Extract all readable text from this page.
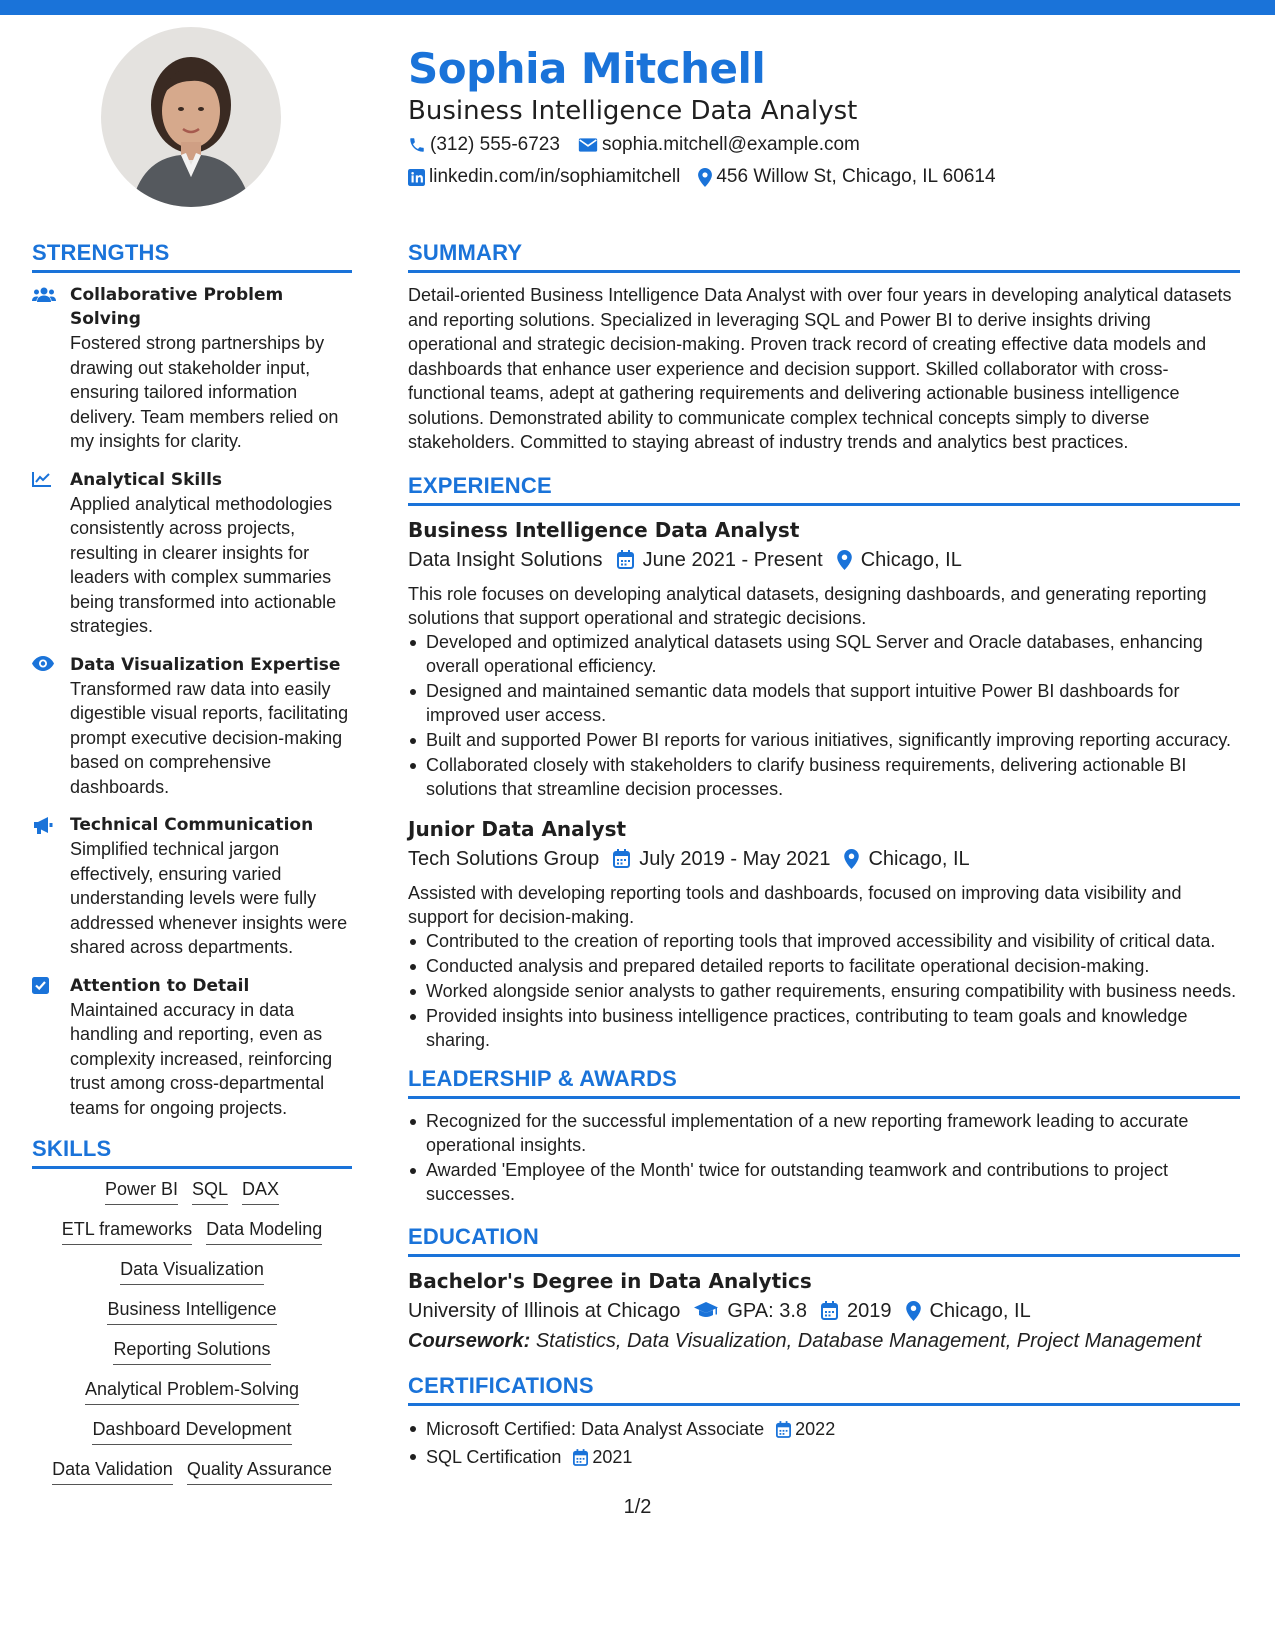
Sophia Mitchell
Business Intelligence Data Analyst
(312) 555-6723 sophia.mitchell@example.com
linkedin.com/in/sophiamitchell 456 Willow St, Chicago, IL 60614
STRENGTHS
Collaborative Problem Solving
Fostered strong partnerships by drawing out stakeholder input, ensuring tailored information delivery. Team members relied on my insights for clarity.
Analytical Skills
Applied analytical methodologies consistently across projects, resulting in clearer insights for leaders with complex summaries being transformed into actionable strategies.
Data Visualization Expertise
Transformed raw data into easily digestible visual reports, facilitating prompt executive decision-making based on comprehensive dashboards.
Technical Communication
Simplified technical jargon effectively, ensuring varied understanding levels were fully addressed whenever insights were shared across departments.
Attention to Detail
Maintained accuracy in data handling and reporting, even as complexity increased, reinforcing trust among cross-departmental teams for ongoing projects.
SKILLS
Power BI SQL DAX
ETL frameworks Data Modeling
Data Visualization
Business Intelligence
Reporting Solutions
Analytical Problem-Solving
Dashboard Development
Data Validation Quality Assurance
SUMMARY
Detail-oriented Business Intelligence Data Analyst with over four years in developing analytical datasets and reporting solutions. Specialized in leveraging SQL and Power BI to derive insights driving operational and strategic decision-making. Proven track record of creating effective data models and dashboards that enhance user experience and decision support. Skilled collaborator with cross-functional teams, adept at gathering requirements and delivering actionable business intelligence solutions. Demonstrated ability to communicate complex technical concepts simply to diverse stakeholders. Committed to staying abreast of industry trends and analytics best practices.
EXPERIENCE
Business Intelligence Data Analyst
Data Insight Solutions June 2021 - Present Chicago, IL
This role focuses on developing analytical datasets, designing dashboards, and generating reporting solutions that support operational and strategic decisions.
Developed and optimized analytical datasets using SQL Server and Oracle databases, enhancing overall operational efficiency.
Designed and maintained semantic data models that support intuitive Power BI dashboards for improved user access.
Built and supported Power BI reports for various initiatives, significantly improving reporting accuracy.
Collaborated closely with stakeholders to clarify business requirements, delivering actionable BI solutions that streamline decision processes.
Junior Data Analyst
Tech Solutions Group July 2019 - May 2021 Chicago, IL
Assisted with developing reporting tools and dashboards, focused on improving data visibility and support for decision-making.
Contributed to the creation of reporting tools that improved accessibility and visibility of critical data.
Conducted analysis and prepared detailed reports to facilitate operational decision-making.
Worked alongside senior analysts to gather requirements, ensuring compatibility with business needs.
Provided insights into business intelligence practices, contributing to team goals and knowledge sharing.
LEADERSHIP & AWARDS
Recognized for the successful implementation of a new reporting framework leading to accurate operational insights.
Awarded 'Employee of the Month' twice for outstanding teamwork and contributions to project successes.
EDUCATION
Bachelor's Degree in Data Analytics
University of Illinois at Chicago GPA: 3.8 2019 Chicago, IL
Coursework: Statistics, Data Visualization, Database Management, Project Management
CERTIFICATIONS
Microsoft Certified: Data Analyst Associate 2022
SQL Certification 2021
1/2
